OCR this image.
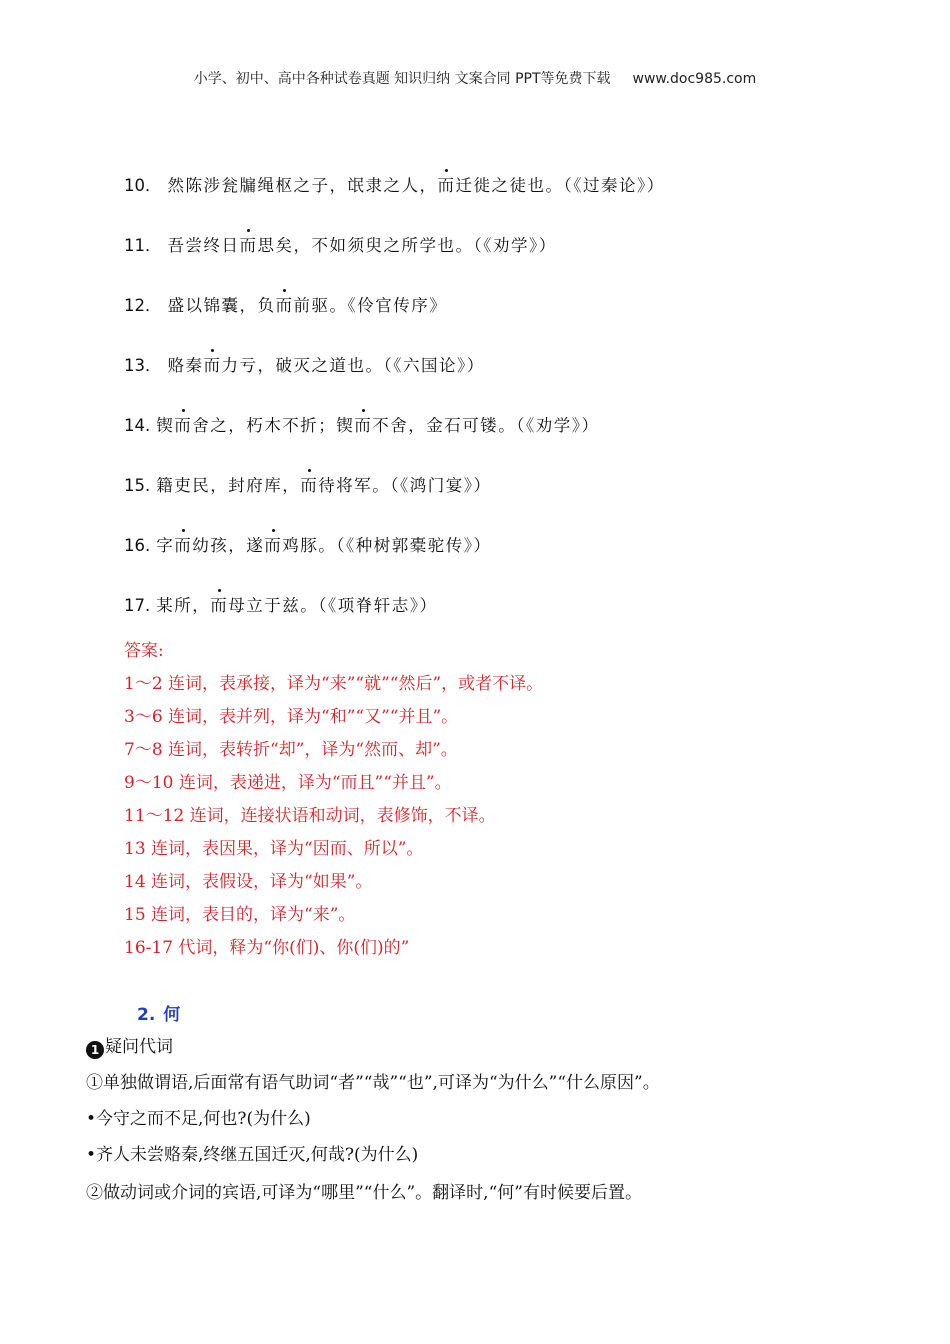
小学、初中、高中各种试卷真题 知识归纳 文案合同 PPT等免费下载 www.doc985.com
10． 然陈涉瓮牖绳枢之子，氓隶之人，而迁徙之徒也。（《过秦论》）
11． 吾尝终日而思矣，不如须臾之所学也。（《劝学》）
12． 盛以锦囊，负而前驱。《伶官传序》
13． 赂秦而力亏，破灭之道也。（《六国论》）
14. 锲而舍之，朽木不折；锲而不舍，金石可镂。（《劝学》）
15. 籍吏民，封府库，而待将军。（《鸿门宴》）
16. 字而幼孩，遂而鸡豚。（《种树郭橐驼传》）
17. 某所，而母立于兹。（《项脊轩志》）
答案:
1～2 连词，表承接，译为“来”“就”“然后”，或者不译。
3～6 连词，表并列，译为“和”“又”“并且”。
7～8 连词，表转折“却”，译为“然而、却”。
9～10 连词，表递进，译为“而且”“并且”。
11～12 连词，连接状语和动词，表修饰，不译。
13 连词，表因果，译为“因而、所以”。
14 连词，表假设，译为“如果”。
15 连词，表目的，译为“来”。
16-17 代词，释为“你(们)、你(们)的”
2. 何
1 疑问代词
①单独做谓语,后面常有语气助词“者”“哉”“也”,可译为“为什么”“什么原因”。
•今守之而不足,何也?(为什么)
•齐人未尝赂秦,终继五国迁灭,何哉?(为什么)
②做动词或介词的宾语,可译为“哪里”“什么”。翻译时,“何”有时候要后置。
